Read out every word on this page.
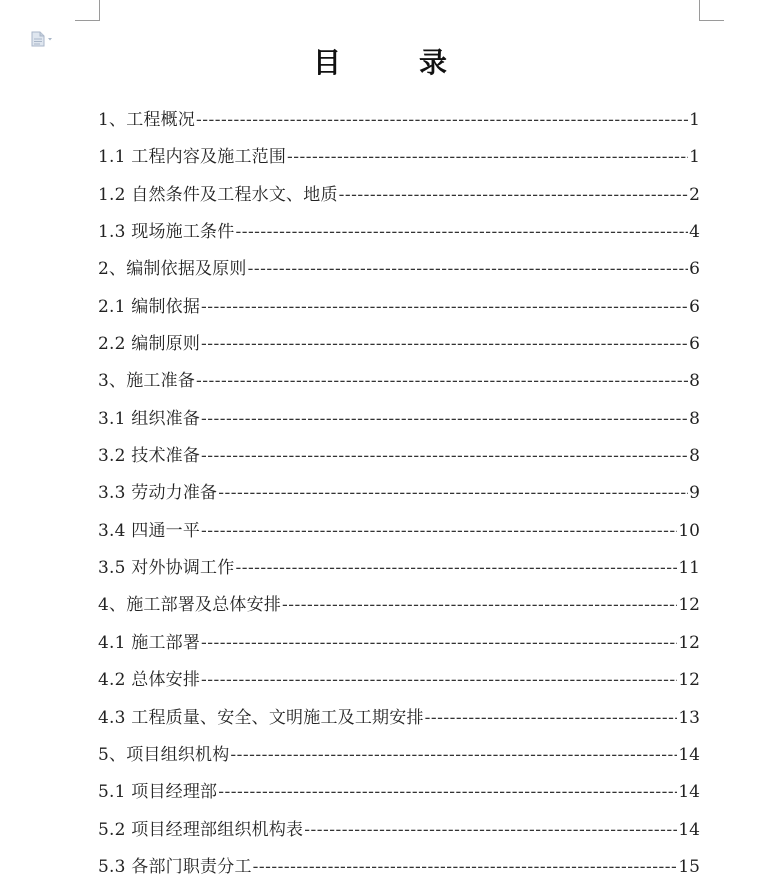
目	录
1、工程概况 -----	1
1.1 工程内容及施工范围 -----	1
1.2 自然条件及工程水文、地质 -----	2
1.3 现场施工条件 -----	4
2、编制依据及原则 -----	6
2.1 编制依据 -----	6
2.2 编制原则 -----	6
3、施工准备 -----	8
3.1 组织准备 -----	8
3.2 技术准备 -----	8
3.3 劳动力准备 -----	9
3.4 四通一平 -----	10
3.5 对外协调工作 -----	11
4、施工部署及总体安排 -----	12
4.1 施工部署 -----	12
4.2 总体安排 -----	12
4.3 工程质量、安全、文明施工及工期安排 -----	13
5、项目组织机构 -----	14
5.1 项目经理部 -----	14
5.2 项目经理部组织机构表 -----	14
5.3 各部门职责分工 -----	15
